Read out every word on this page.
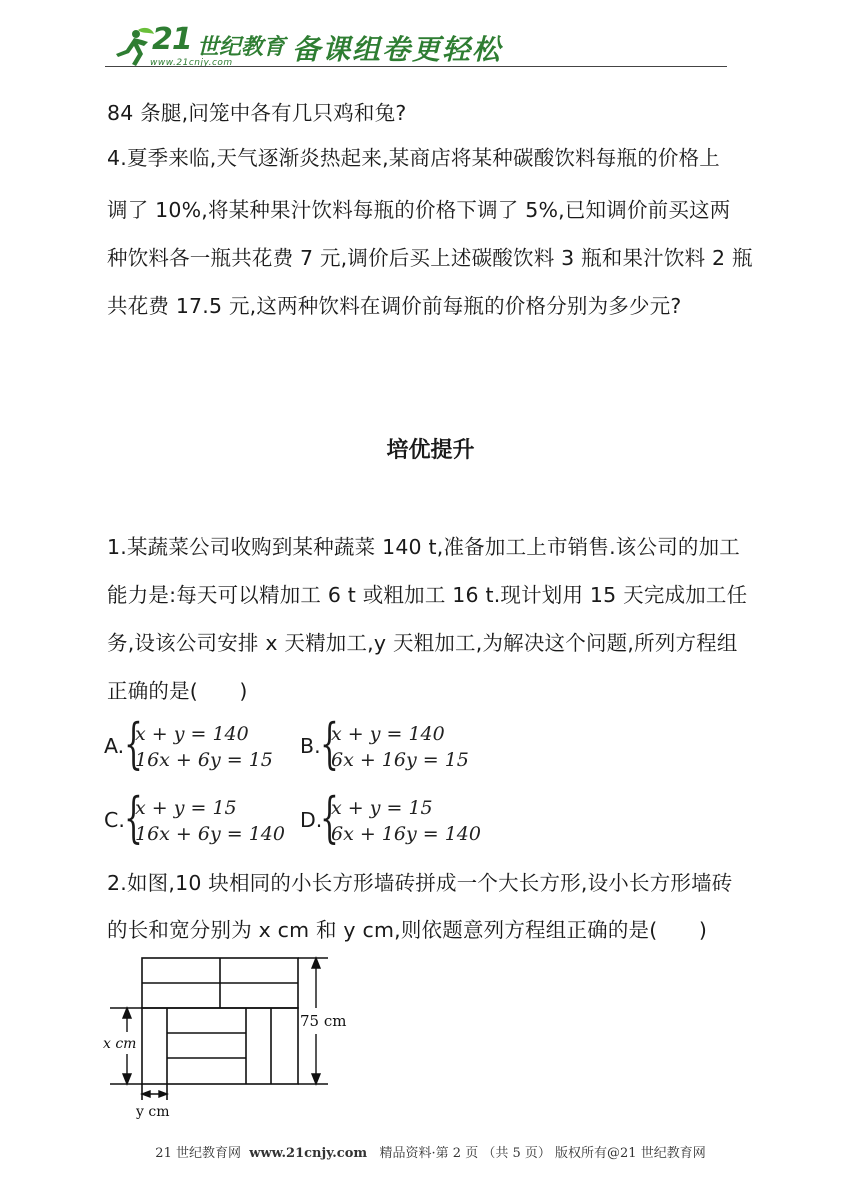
21 世纪教育
www.21cnjy.com 备课组卷更轻松
84 条腿,问笼中各有几只鸡和兔?
4.夏季来临,天气逐渐炎热起来,某商店将某种碳酸饮料每瓶的价格上
调了 10%,将某种果汁饮料每瓶的价格下调了 5%,已知调价前买这两
种饮料各一瓶共花费 7 元,调价后买上述碳酸饮料 3 瓶和果汁饮料 2 瓶
共花费 17.5 元,这两种饮料在调价前每瓶的价格分别为多少元?
培优提升
1.某蔬菜公司收购到某种蔬菜 140 t,准备加工上市销售.该公司的加工
能力是:每天可以精加工 6 t 或粗加工 16 t.现计划用 15 天完成加工任
务,设该公司安排 x 天精加工,y 天粗加工,为解决这个问题,所列方程组
正确的是(　　)
A. {
x + y = 140
16x + 6y = 15
B. {
x + y = 140
6x + 16y = 15
C. {
x + y = 15
16x + 6y = 140
D.
{
x + y = 15
6x + 16y = 140
2.如图,10 块相同的小长方形墙砖拼成一个大长方形,设小长方形墙砖
的长和宽分别为 x cm 和 y cm,则依题意列方程组正确的是(　　)
75 cm
x cm
y cm
21 世纪教育网 www.21cnjy.com 精品资料·第 2 页 （共 5 页） 版权所有@21 世纪教育网
